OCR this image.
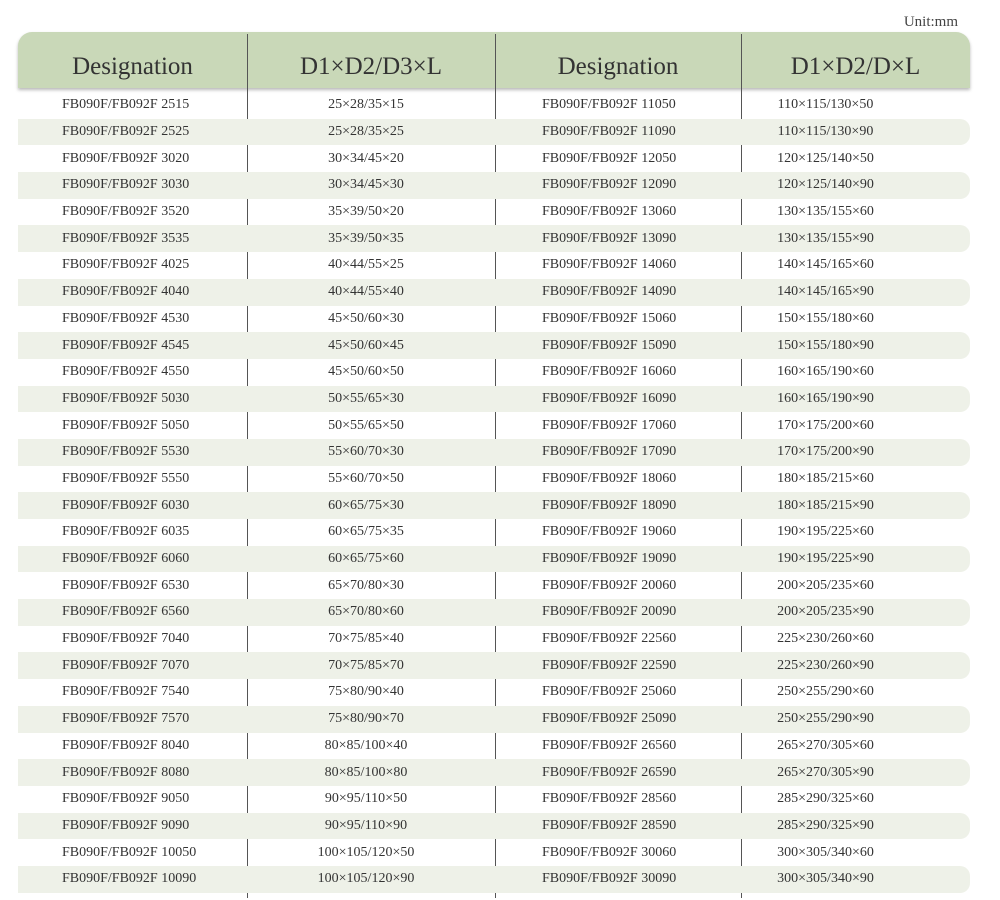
Unit:mm
Designation	D1×D2/D3×L	Designation	D1×D2/D×L
FB090F/FB092F 2515	25×28/35×15	FB090F/FB092F 11050	110×115/130×50
FB090F/FB092F 2525	25×28/35×25	FB090F/FB092F 11090	110×115/130×90
FB090F/FB092F 3020	30×34/45×20	FB090F/FB092F 12050	120×125/140×50
FB090F/FB092F 3030	30×34/45×30	FB090F/FB092F 12090	120×125/140×90
FB090F/FB092F 3520	35×39/50×20	FB090F/FB092F 13060	130×135/155×60
FB090F/FB092F 3535	35×39/50×35	FB090F/FB092F 13090	130×135/155×90
FB090F/FB092F 4025	40×44/55×25	FB090F/FB092F 14060	140×145/165×60
FB090F/FB092F 4040	40×44/55×40	FB090F/FB092F 14090	140×145/165×90
FB090F/FB092F 4530	45×50/60×30	FB090F/FB092F 15060	150×155/180×60
FB090F/FB092F 4545	45×50/60×45	FB090F/FB092F 15090	150×155/180×90
FB090F/FB092F 4550	45×50/60×50	FB090F/FB092F 16060	160×165/190×60
FB090F/FB092F 5030	50×55/65×30	FB090F/FB092F 16090	160×165/190×90
FB090F/FB092F 5050	50×55/65×50	FB090F/FB092F 17060	170×175/200×60
FB090F/FB092F 5530	55×60/70×30	FB090F/FB092F 17090	170×175/200×90
FB090F/FB092F 5550	55×60/70×50	FB090F/FB092F 18060	180×185/215×60
FB090F/FB092F 6030	60×65/75×30	FB090F/FB092F 18090	180×185/215×90
FB090F/FB092F 6035	60×65/75×35	FB090F/FB092F 19060	190×195/225×60
FB090F/FB092F 6060	60×65/75×60	FB090F/FB092F 19090	190×195/225×90
FB090F/FB092F 6530	65×70/80×30	FB090F/FB092F 20060	200×205/235×60
FB090F/FB092F 6560	65×70/80×60	FB090F/FB092F 20090	200×205/235×90
FB090F/FB092F 7040	70×75/85×40	FB090F/FB092F 22560	225×230/260×60
FB090F/FB092F 7070	70×75/85×70	FB090F/FB092F 22590	225×230/260×90
FB090F/FB092F 7540	75×80/90×40	FB090F/FB092F 25060	250×255/290×60
FB090F/FB092F 7570	75×80/90×70	FB090F/FB092F 25090	250×255/290×90
FB090F/FB092F 8040	80×85/100×40	FB090F/FB092F 26560	265×270/305×60
FB090F/FB092F 8080	80×85/100×80	FB090F/FB092F 26590	265×270/305×90
FB090F/FB092F 9050	90×95/110×50	FB090F/FB092F 28560	285×290/325×60
FB090F/FB092F 9090	90×95/110×90	FB090F/FB092F 28590	285×290/325×90
FB090F/FB092F 10050	100×105/120×50	FB090F/FB092F 30060	300×305/340×60
FB090F/FB092F 10090	100×105/120×90	FB090F/FB092F 30090	300×305/340×90
